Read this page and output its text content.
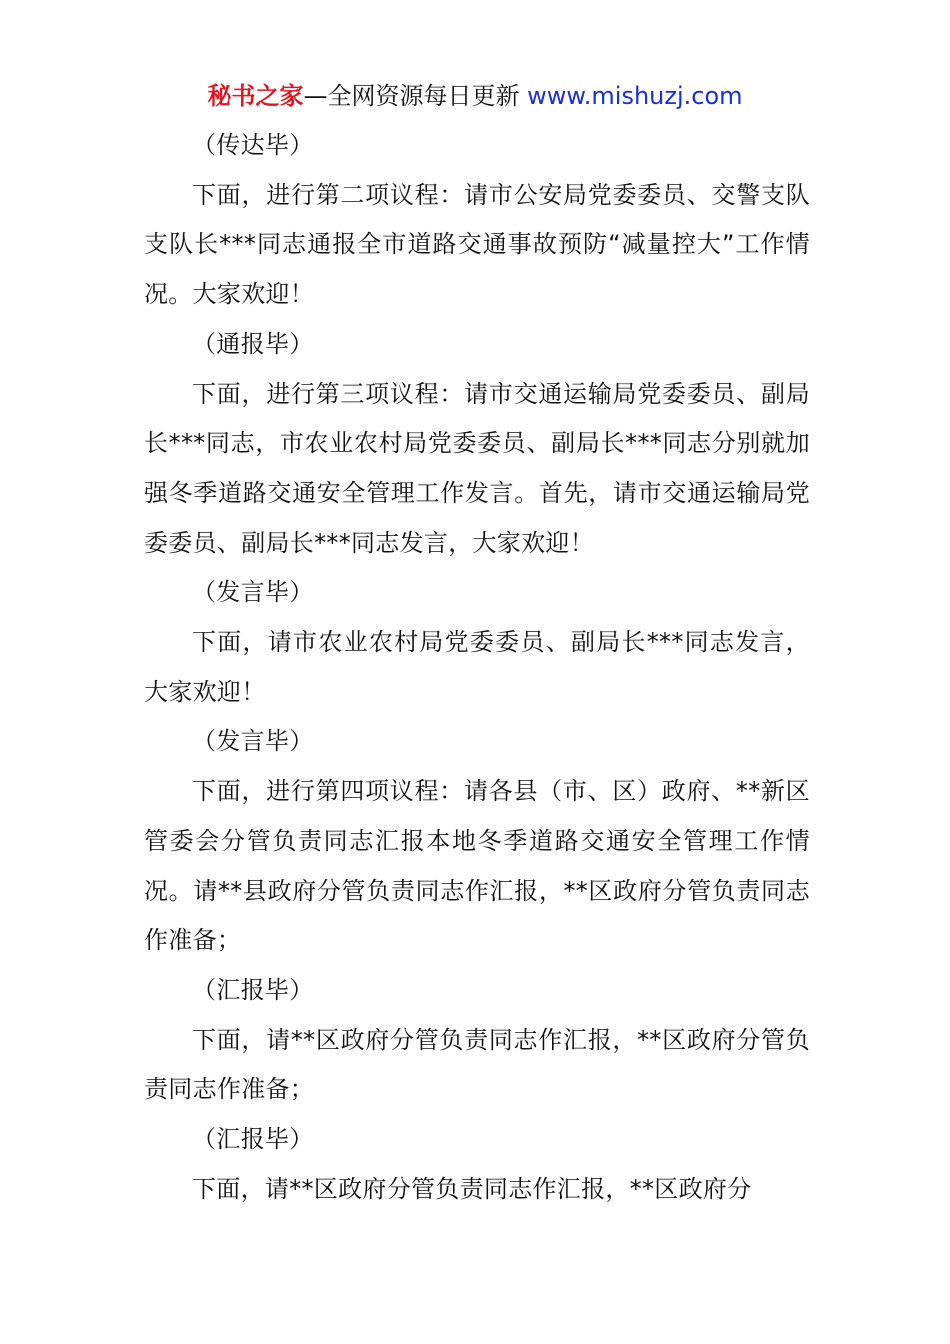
秘书之家—全网资源每日更新 www.mishuzj.com

（传达毕）

下面，进行第二项议程：请市公安局党委委员、交警支队支队长***同志通报全市道路交通事故预防“减量控大”工作情况。大家欢迎！

（通报毕）

下面，进行第三项议程：请市交通运输局党委委员、副局长***同志，市农业农村局党委委员、副局长***同志分别就加强冬季道路交通安全管理工作发言。首先，请市交通运输局党委委员、副局长***同志发言，大家欢迎！

（发言毕）

下面，请市农业农村局党委委员、副局长***同志发言，大家欢迎！

（发言毕）

下面，进行第四项议程：请各县（市、区）政府、**新区管委会分管负责同志汇报本地冬季道路交通安全管理工作情况。请**县政府分管负责同志作汇报，**区政府分管负责同志作准备；

（汇报毕）

下面，请**区政府分管负责同志作汇报，**区政府分管负责同志作准备；

（汇报毕）

下面，请**区政府分管负责同志作汇报，**区政府分
